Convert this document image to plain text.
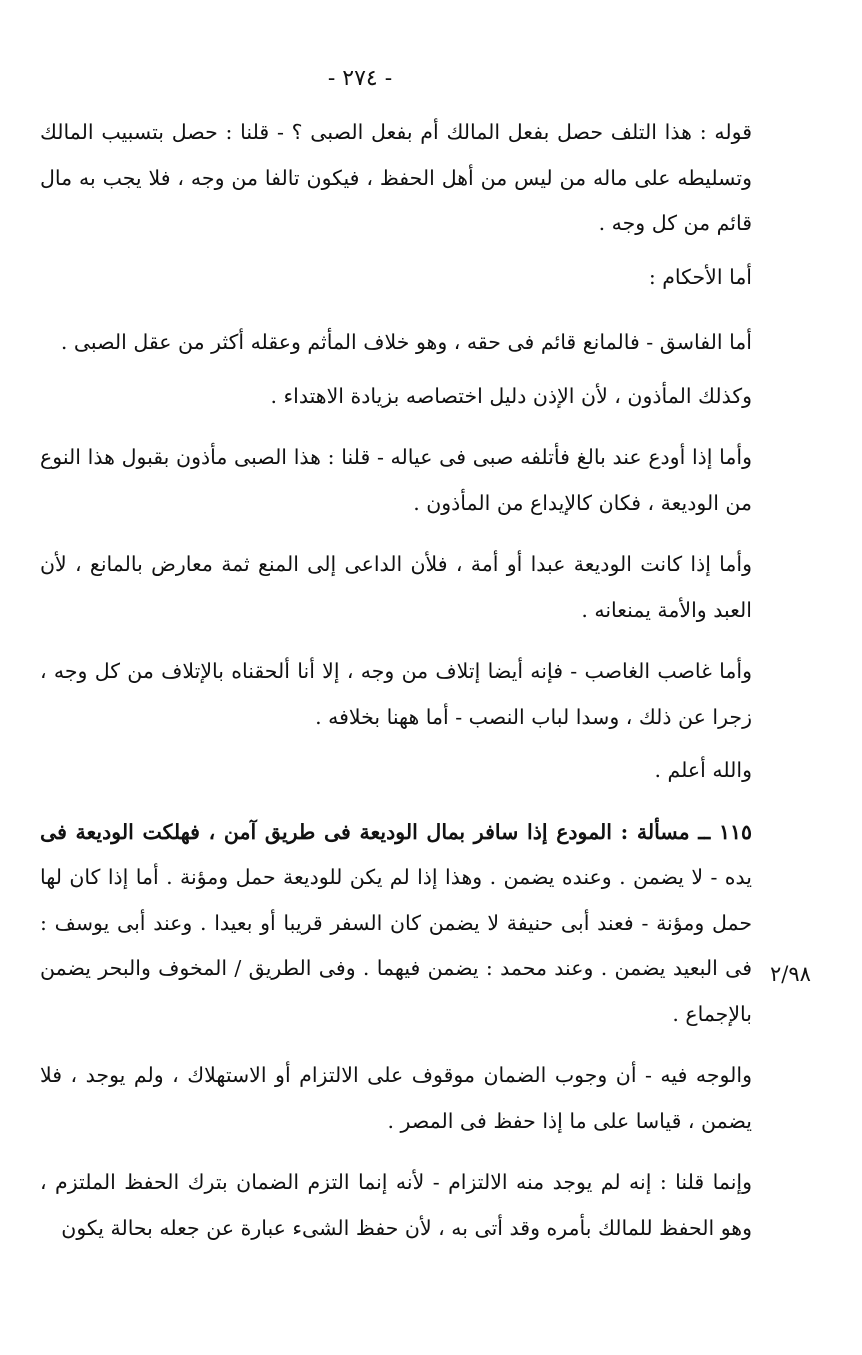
- ٢٧٤ -

قوله : هذا التلف حصل بفعل المالك أم بفعل الصبى ؟ - قلنا : حصل بتسبيب المالك وتسليطه على ماله من ليس من أهل الحفظ ، فيكون تالفا من وجه ، فلا يجب به مال قائم من كل وجه .

أما الأحكام :

أما الفاسق - فالمانع قائم فى حقه ، وهو خلاف المأثم وعقله أكثر من عقل الصبى .

وكذلك المأذون ، لأن الإذن دليل اختصاصه بزيادة الاهتداء .

وأما إذا أودع عند بالغ فأتلفه صبى فى عياله - قلنا : هذا الصبى مأذون بقبول هذا النوع من الوديعة ، فكان كالإيداع من المأذون .

وأما إذا كانت الوديعة عبدا أو أمة ، فلأن الداعى إلى المنع ثمة معارض بالمانع ، لأن العبد والأمة يمنعانه .

وأما غاصب الغاصب - فإنه أيضا إتلاف من وجه ، إلا أنا ألحقناه بالإتلاف من كل وجه ، زجرا عن ذلك ، وسدا لباب النصب - أما ههنا بخلافه .

والله أعلم .

١١٥ ــ مسألة : المودع إذا سافر بمال الوديعة فى طريق آمن ، فهلكت الوديعة فى يده - لا يضمن . وعنده يضمن . وهذا إذا لم يكن للوديعة حمل ومؤنة . أما إذا كان لها حمل ومؤنة - فعند أبى حنيفة لا يضمن كان السفر قريبا أو بعيدا . وعند أبى يوسف : فى البعيد يضمن . وعند محمد : يضمن فيهما . وفى الطريق / المخوف والبحر يضمن بالإجماع .

والوجه فيه - أن وجوب الضمان موقوف على الالتزام أو الاستهلاك ، ولم يوجد ، فلا يضمن ، قياسا على ما إذا حفظ فى المصر .

وإنما قلنا : إنه لم يوجد منه الالتزام - لأنه إنما التزم الضمان بترك الحفظ الملتزم ، وهو الحفظ للمالك بأمره وقد أتى به ، لأن حفظ الشىء عبارة عن جعله بحالة يكون

٢/٩٨
